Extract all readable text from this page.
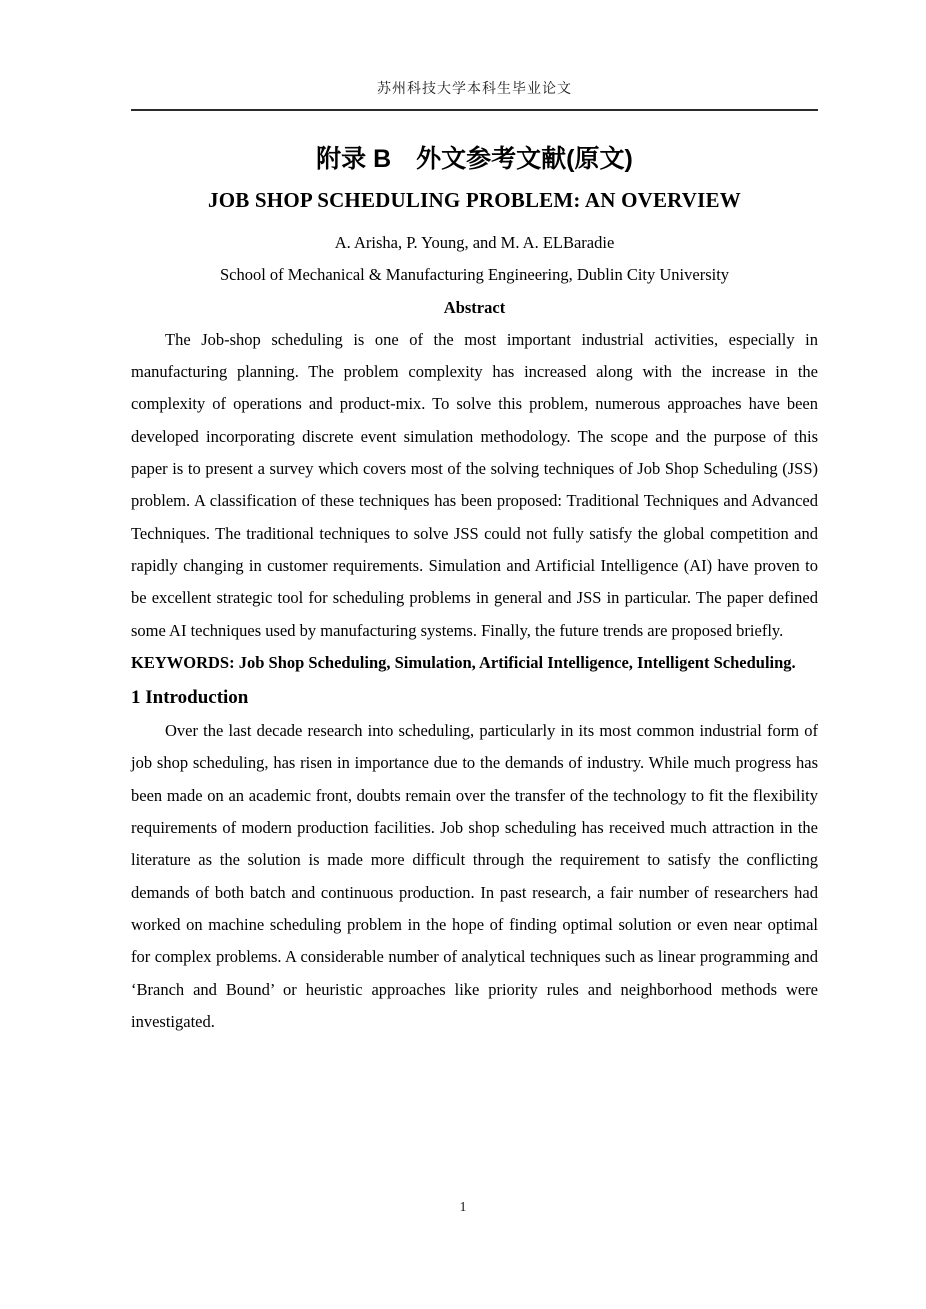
苏州科技大学本科生毕业论文
附录 B　外文参考文献(原文)
JOB SHOP SCHEDULING PROBLEM: AN OVERVIEW
A. Arisha, P. Young, and M. A. ELBaradie
School of Mechanical & Manufacturing Engineering, Dublin City University
Abstract
The Job-shop scheduling is one of the most important industrial activities, especially in manufacturing planning. The problem complexity has increased along with the increase in the complexity of operations and product-mix. To solve this problem, numerous approaches have been developed incorporating discrete event simulation methodology. The scope and the purpose of this paper is to present a survey which covers most of the solving techniques of Job Shop Scheduling (JSS) problem. A classification of these techniques has been proposed: Traditional Techniques and Advanced Techniques. The traditional techniques to solve JSS could not fully satisfy the global competition and rapidly changing in customer requirements. Simulation and Artificial Intelligence (AI) have proven to be excellent strategic tool for scheduling problems in general and JSS in particular. The paper defined some AI techniques used by manufacturing systems. Finally, the future trends are proposed briefly.
KEYWORDS: Job Shop Scheduling, Simulation, Artificial Intelligence, Intelligent Scheduling.
1 Introduction
Over the last decade research into scheduling, particularly in its most common industrial form of job shop scheduling, has risen in importance due to the demands of industry. While much progress has been made on an academic front, doubts remain over the transfer of the technology to fit the flexibility requirements of modern production facilities. Job shop scheduling has received much attraction in the literature as the solution is made more difficult through the requirement to satisfy the conflicting demands of both batch and continuous production. In past research, a fair number of researchers had worked on machine scheduling problem in the hope of finding optimal solution or even near optimal for complex problems. A considerable number of analytical techniques such as linear programming and ‘Branch and Bound’ or heuristic approaches like priority rules and neighborhood methods were investigated.
1
